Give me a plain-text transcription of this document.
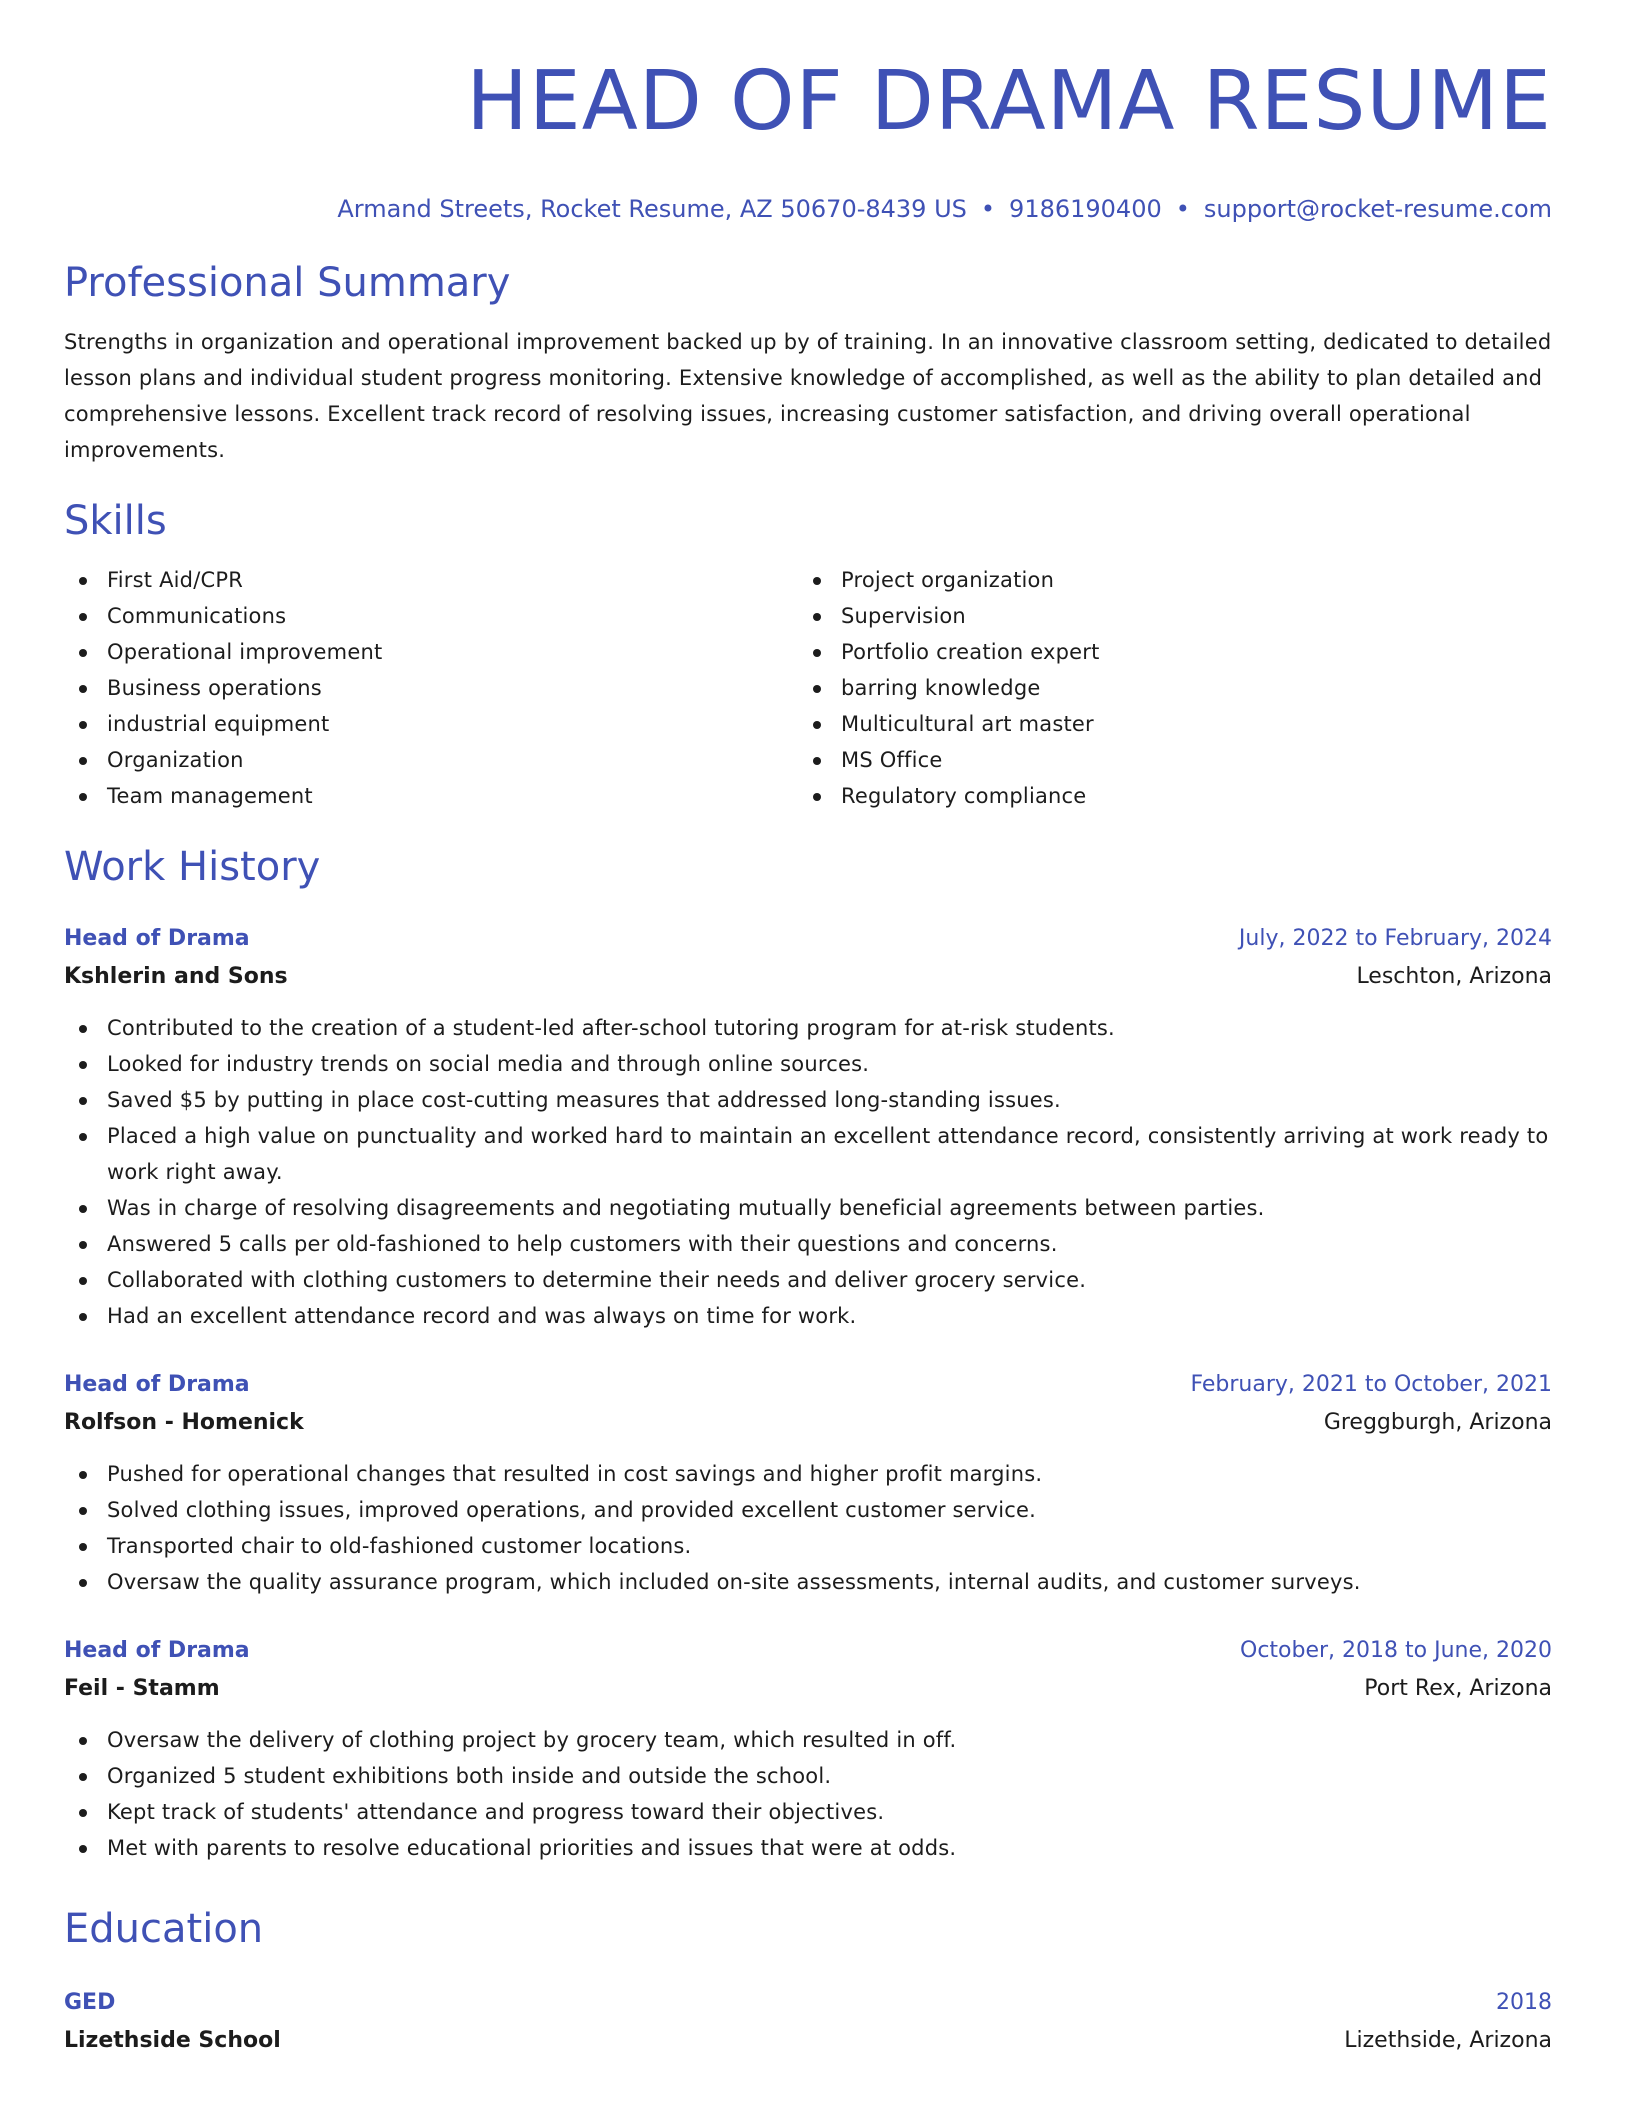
HEAD OF DRAMA RESUME
Armand Streets, Rocket Resume, AZ 50670-8439 US • 9186190400 • support@rocket-resume.com
Professional Summary

Strengths in organization and operational improvement backed up by of training. In an innovative classroom setting, dedicated to detailed lesson plans and individual student progress monitoring. Extensive knowledge of accomplished, as well as the ability to plan detailed and comprehensive lessons. Excellent track record of resolving issues, increasing customer satisfaction, and driving overall operational improvements.

Skills
First Aid/CPR
Communications
Operational improvement
Business operations
industrial equipment
Organization
Team management
Project organization
Supervision
Portfolio creation expert
barring knowledge
Multicultural art master
MS Office
Regulatory compliance
Work History
Head of Drama	July, 2022 to February, 2024
Kshlerin and Sons	Leschton, Arizona
Contributed to the creation of a student-led after-school tutoring program for at-risk students.
Looked for industry trends on social media and through online sources.
Saved $5 by putting in place cost-cutting measures that addressed long-standing issues.
Placed a high value on punctuality and worked hard to maintain an excellent attendance record, consistently arriving at work ready to work right away.
Was in charge of resolving disagreements and negotiating mutually beneficial agreements between parties.
Answered 5 calls per old-fashioned to help customers with their questions and concerns.
Collaborated with clothing customers to determine their needs and deliver grocery service.
Had an excellent attendance record and was always on time for work.
Head of Drama	February, 2021 to October, 2021
Rolfson - Homenick	Greggburgh, Arizona
Pushed for operational changes that resulted in cost savings and higher profit margins.
Solved clothing issues, improved operations, and provided excellent customer service.
Transported chair to old-fashioned customer locations.
Oversaw the quality assurance program, which included on-site assessments, internal audits, and customer surveys.
Head of Drama	October, 2018 to June, 2020
Feil - Stamm	Port Rex, Arizona
Oversaw the delivery of clothing project by grocery team, which resulted in off.
Organized 5 student exhibitions both inside and outside the school.
Kept track of students' attendance and progress toward their objectives.
Met with parents to resolve educational priorities and issues that were at odds.
Education
GED	2018
Lizethside School	Lizethside, Arizona
